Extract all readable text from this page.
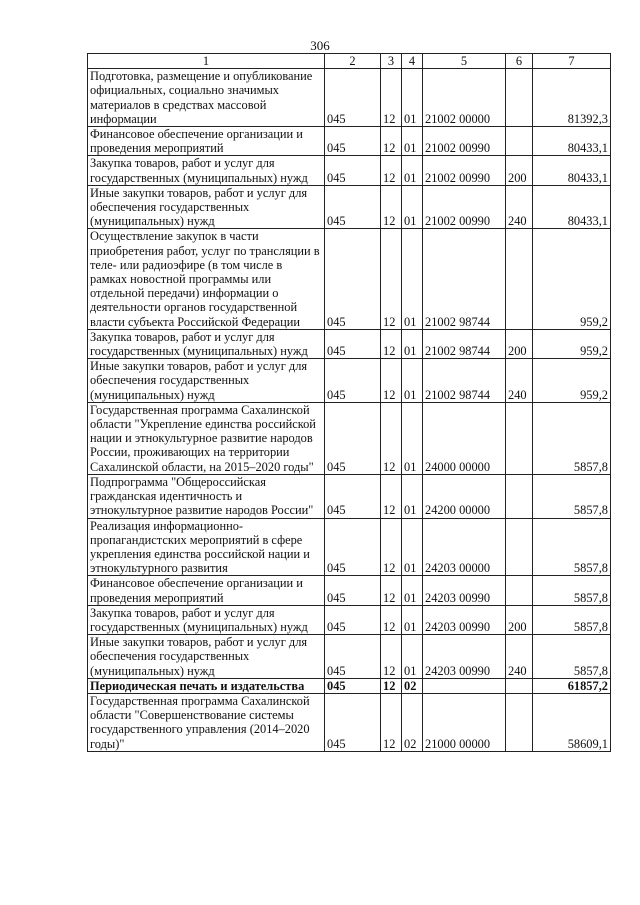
306
1	2	3	4	5	6	7
Подготовка, размещение и опубликование официальных, социально значимых материалов в средствах массовой информации	045	12	01	21002 00000		81392,3
Финансовое обеспечение организации и проведения мероприятий	045	12	01	21002 00990		80433,1
Закупка товаров, работ и услуг для государственных (муниципальных) нужд	045	12	01	21002 00990	200	80433,1
Иные закупки товаров, работ и услуг для обеспечения государственных (муниципальных) нужд	045	12	01	21002 00990	240	80433,1
Осуществление закупок в части приобретения работ, услуг по трансляции в теле- или радиоэфире (в том числе в рамках новостной программы или отдельной передачи) информации о деятельности органов государственной власти субъекта Российской Федерации	045	12	01	21002 98744		959,2
Закупка товаров, работ и услуг для государственных (муниципальных) нужд	045	12	01	21002 98744	200	959,2
Иные закупки товаров, работ и услуг для обеспечения государственных (муниципальных) нужд	045	12	01	21002 98744	240	959,2
Государственная программа Сахалинской области "Укрепление единства российской нации и этнокультурное развитие народов России, проживающих на территории Сахалинской области, на 2015–2020 годы"	045	12	01	24000 00000		5857,8
Подпрограмма "Общероссийская гражданская идентичность и этнокультурное развитие народов России"	045	12	01	24200 00000		5857,8
Реализация информационно-пропагандистских мероприятий в сфере укрепления единства российской нации и этнокультурного развития	045	12	01	24203 00000		5857,8
Финансовое обеспечение организации и проведения мероприятий	045	12	01	24203 00990		5857,8
Закупка товаров, работ и услуг для государственных (муниципальных) нужд	045	12	01	24203 00990	200	5857,8
Иные закупки товаров, работ и услуг для обеспечения государственных (муниципальных) нужд	045	12	01	24203 00990	240	5857,8
Периодическая печать и издательства	045	12	02			61857,2
Государственная программа Сахалинской области "Совершенствование системы государственного управления (2014–2020 годы)"	045	12	02	21000 00000		58609,1
